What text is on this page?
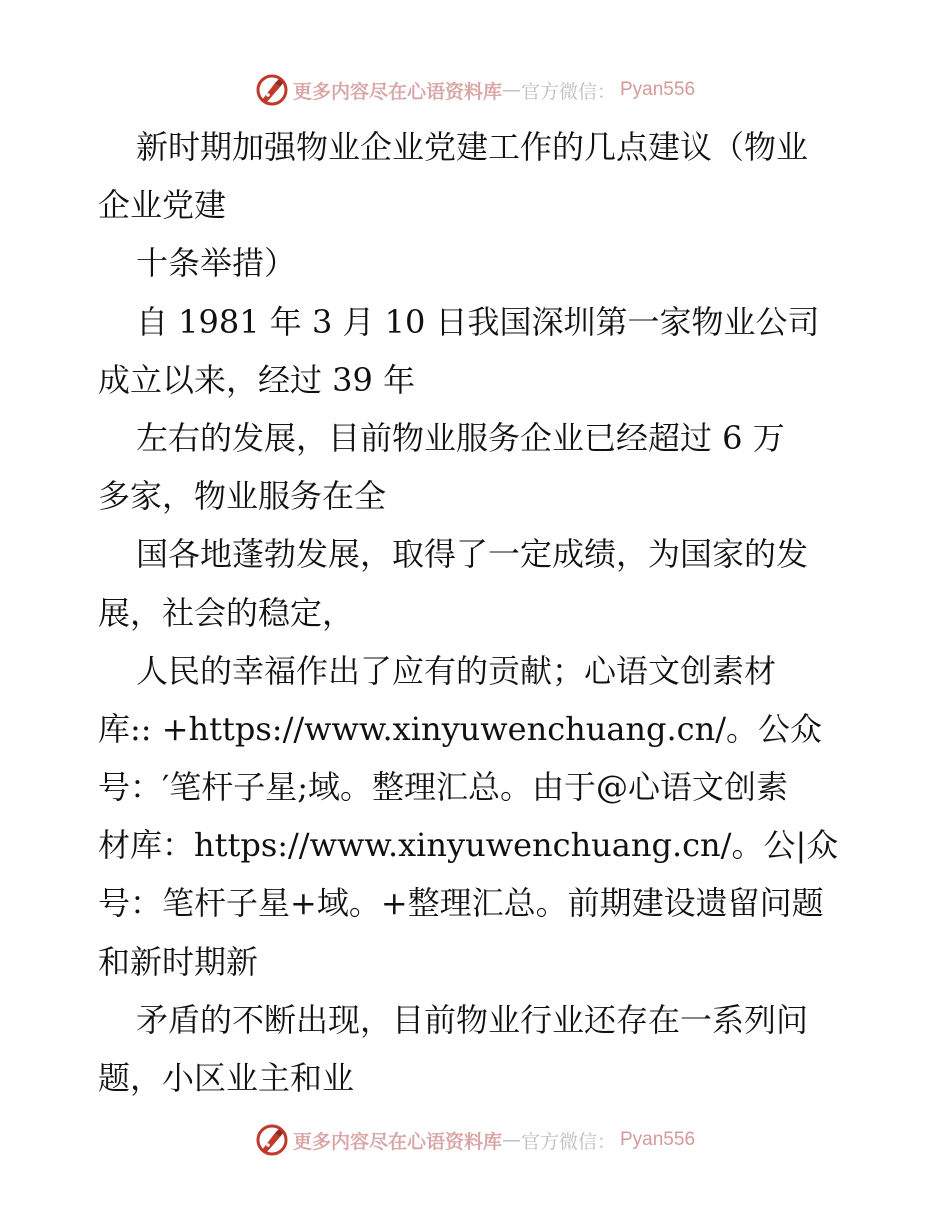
更多内容尽在心语资料库 — 官方微信： Pyan556
新时期加强物业企业党建工作的几点建议（物业
企业党建
十条举措）
自 1981 年 3 月 10 日我国深圳第一家物业公司
成立以来，经过 39 年
左右的发展，目前物业服务企业已经超过 6 万
多家，物业服务在全
国各地蓬勃发展，取得了一定成绩，为国家的发
展，社会的稳定，
人民的幸福作出了应有的贡献；心语文创素材
库:: +https://www.xinyuwenchuang.cn/。公众
号：′笔杆子星;域。整理汇总。由于@心语文创素
材库：https://www.xinyuwenchuang.cn/。公|众
号：笔杆子星+域。+整理汇总。前期建设遗留问题
和新时期新
矛盾的不断出现，目前物业行业还存在一系列问
题，小区业主和业
更多内容尽在心语资料库 — 官方微信： Pyan556
